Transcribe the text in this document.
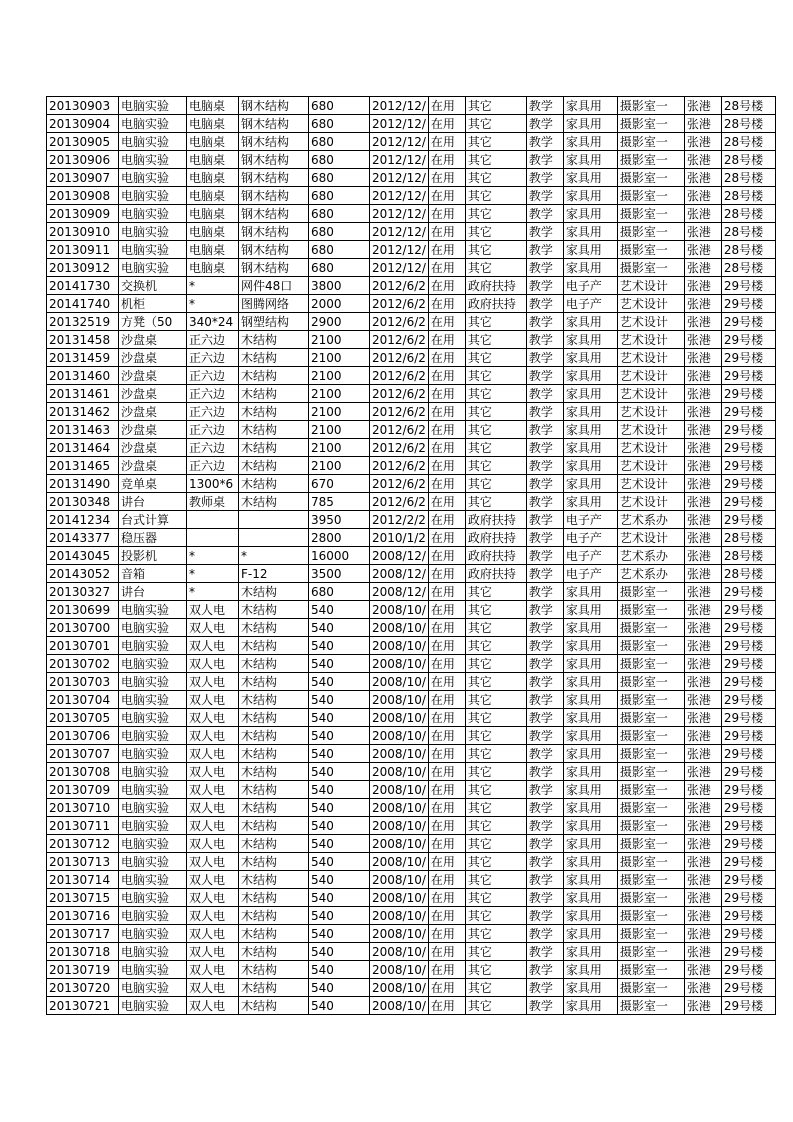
20130903	电脑实验	电脑桌	钢木结构	680	2012/12/	在用	其它	教学	家具用	摄影室一	张港	28号楼
20130904	电脑实验	电脑桌	钢木结构	680	2012/12/	在用	其它	教学	家具用	摄影室一	张港	28号楼
20130905	电脑实验	电脑桌	钢木结构	680	2012/12/	在用	其它	教学	家具用	摄影室一	张港	28号楼
20130906	电脑实验	电脑桌	钢木结构	680	2012/12/	在用	其它	教学	家具用	摄影室一	张港	28号楼
20130907	电脑实验	电脑桌	钢木结构	680	2012/12/	在用	其它	教学	家具用	摄影室一	张港	28号楼
20130908	电脑实验	电脑桌	钢木结构	680	2012/12/	在用	其它	教学	家具用	摄影室一	张港	28号楼
20130909	电脑实验	电脑桌	钢木结构	680	2012/12/	在用	其它	教学	家具用	摄影室一	张港	28号楼
20130910	电脑实验	电脑桌	钢木结构	680	2012/12/	在用	其它	教学	家具用	摄影室一	张港	28号楼
20130911	电脑实验	电脑桌	钢木结构	680	2012/12/	在用	其它	教学	家具用	摄影室一	张港	28号楼
20130912	电脑实验	电脑桌	钢木结构	680	2012/12/	在用	其它	教学	家具用	摄影室一	张港	28号楼
20141730	交换机	*	网件48口	3800	2012/6/2	在用	政府扶持	教学	电子产	艺术设计	张港	29号楼
20141740	机柜	*	图腾网络	2000	2012/6/2	在用	政府扶持	教学	电子产	艺术设计	张港	29号楼
20132519	方凳（50	340*24	钢塑结构	2900	2012/6/2	在用	其它	教学	家具用	艺术设计	张港	29号楼
20131458	沙盘桌	正六边	木结构	2100	2012/6/2	在用	其它	教学	家具用	艺术设计	张港	29号楼
20131459	沙盘桌	正六边	木结构	2100	2012/6/2	在用	其它	教学	家具用	艺术设计	张港	29号楼
20131460	沙盘桌	正六边	木结构	2100	2012/6/2	在用	其它	教学	家具用	艺术设计	张港	29号楼
20131461	沙盘桌	正六边	木结构	2100	2012/6/2	在用	其它	教学	家具用	艺术设计	张港	29号楼
20131462	沙盘桌	正六边	木结构	2100	2012/6/2	在用	其它	教学	家具用	艺术设计	张港	29号楼
20131463	沙盘桌	正六边	木结构	2100	2012/6/2	在用	其它	教学	家具用	艺术设计	张港	29号楼
20131464	沙盘桌	正六边	木结构	2100	2012/6/2	在用	其它	教学	家具用	艺术设计	张港	29号楼
20131465	沙盘桌	正六边	木结构	2100	2012/6/2	在用	其它	教学	家具用	艺术设计	张港	29号楼
20131490	竞单桌	1300*6	木结构	670	2012/6/2	在用	其它	教学	家具用	艺术设计	张港	29号楼
20130348	讲台	教师桌	木结构	785	2012/6/2	在用	其它	教学	家具用	艺术设计	张港	29号楼
20141234	台式计算			3950	2012/2/2	在用	政府扶持	教学	电子产	艺术系办	张港	29号楼
20143377	稳压器			2800	2010/1/2	在用	政府扶持	教学	电子产	艺术设计	张港	28号楼
20143045	投影机	*	*	16000	2008/12/	在用	政府扶持	教学	电子产	艺术系办	张港	28号楼
20143052	音箱	*	F-12	3500	2008/12/	在用	政府扶持	教学	电子产	艺术系办	张港	28号楼
20130327	讲台	*	木结构	680	2008/12/	在用	其它	教学	家具用	摄影室一	张港	29号楼
20130699	电脑实验	双人电	木结构	540	2008/10/	在用	其它	教学	家具用	摄影室一	张港	29号楼
20130700	电脑实验	双人电	木结构	540	2008/10/	在用	其它	教学	家具用	摄影室一	张港	29号楼
20130701	电脑实验	双人电	木结构	540	2008/10/	在用	其它	教学	家具用	摄影室一	张港	29号楼
20130702	电脑实验	双人电	木结构	540	2008/10/	在用	其它	教学	家具用	摄影室一	张港	29号楼
20130703	电脑实验	双人电	木结构	540	2008/10/	在用	其它	教学	家具用	摄影室一	张港	29号楼
20130704	电脑实验	双人电	木结构	540	2008/10/	在用	其它	教学	家具用	摄影室一	张港	29号楼
20130705	电脑实验	双人电	木结构	540	2008/10/	在用	其它	教学	家具用	摄影室一	张港	29号楼
20130706	电脑实验	双人电	木结构	540	2008/10/	在用	其它	教学	家具用	摄影室一	张港	29号楼
20130707	电脑实验	双人电	木结构	540	2008/10/	在用	其它	教学	家具用	摄影室一	张港	29号楼
20130708	电脑实验	双人电	木结构	540	2008/10/	在用	其它	教学	家具用	摄影室一	张港	29号楼
20130709	电脑实验	双人电	木结构	540	2008/10/	在用	其它	教学	家具用	摄影室一	张港	29号楼
20130710	电脑实验	双人电	木结构	540	2008/10/	在用	其它	教学	家具用	摄影室一	张港	29号楼
20130711	电脑实验	双人电	木结构	540	2008/10/	在用	其它	教学	家具用	摄影室一	张港	29号楼
20130712	电脑实验	双人电	木结构	540	2008/10/	在用	其它	教学	家具用	摄影室一	张港	29号楼
20130713	电脑实验	双人电	木结构	540	2008/10/	在用	其它	教学	家具用	摄影室一	张港	29号楼
20130714	电脑实验	双人电	木结构	540	2008/10/	在用	其它	教学	家具用	摄影室一	张港	29号楼
20130715	电脑实验	双人电	木结构	540	2008/10/	在用	其它	教学	家具用	摄影室一	张港	29号楼
20130716	电脑实验	双人电	木结构	540	2008/10/	在用	其它	教学	家具用	摄影室一	张港	29号楼
20130717	电脑实验	双人电	木结构	540	2008/10/	在用	其它	教学	家具用	摄影室一	张港	29号楼
20130718	电脑实验	双人电	木结构	540	2008/10/	在用	其它	教学	家具用	摄影室一	张港	29号楼
20130719	电脑实验	双人电	木结构	540	2008/10/	在用	其它	教学	家具用	摄影室一	张港	29号楼
20130720	电脑实验	双人电	木结构	540	2008/10/	在用	其它	教学	家具用	摄影室一	张港	29号楼
20130721	电脑实验	双人电	木结构	540	2008/10/	在用	其它	教学	家具用	摄影室一	张港	29号楼
